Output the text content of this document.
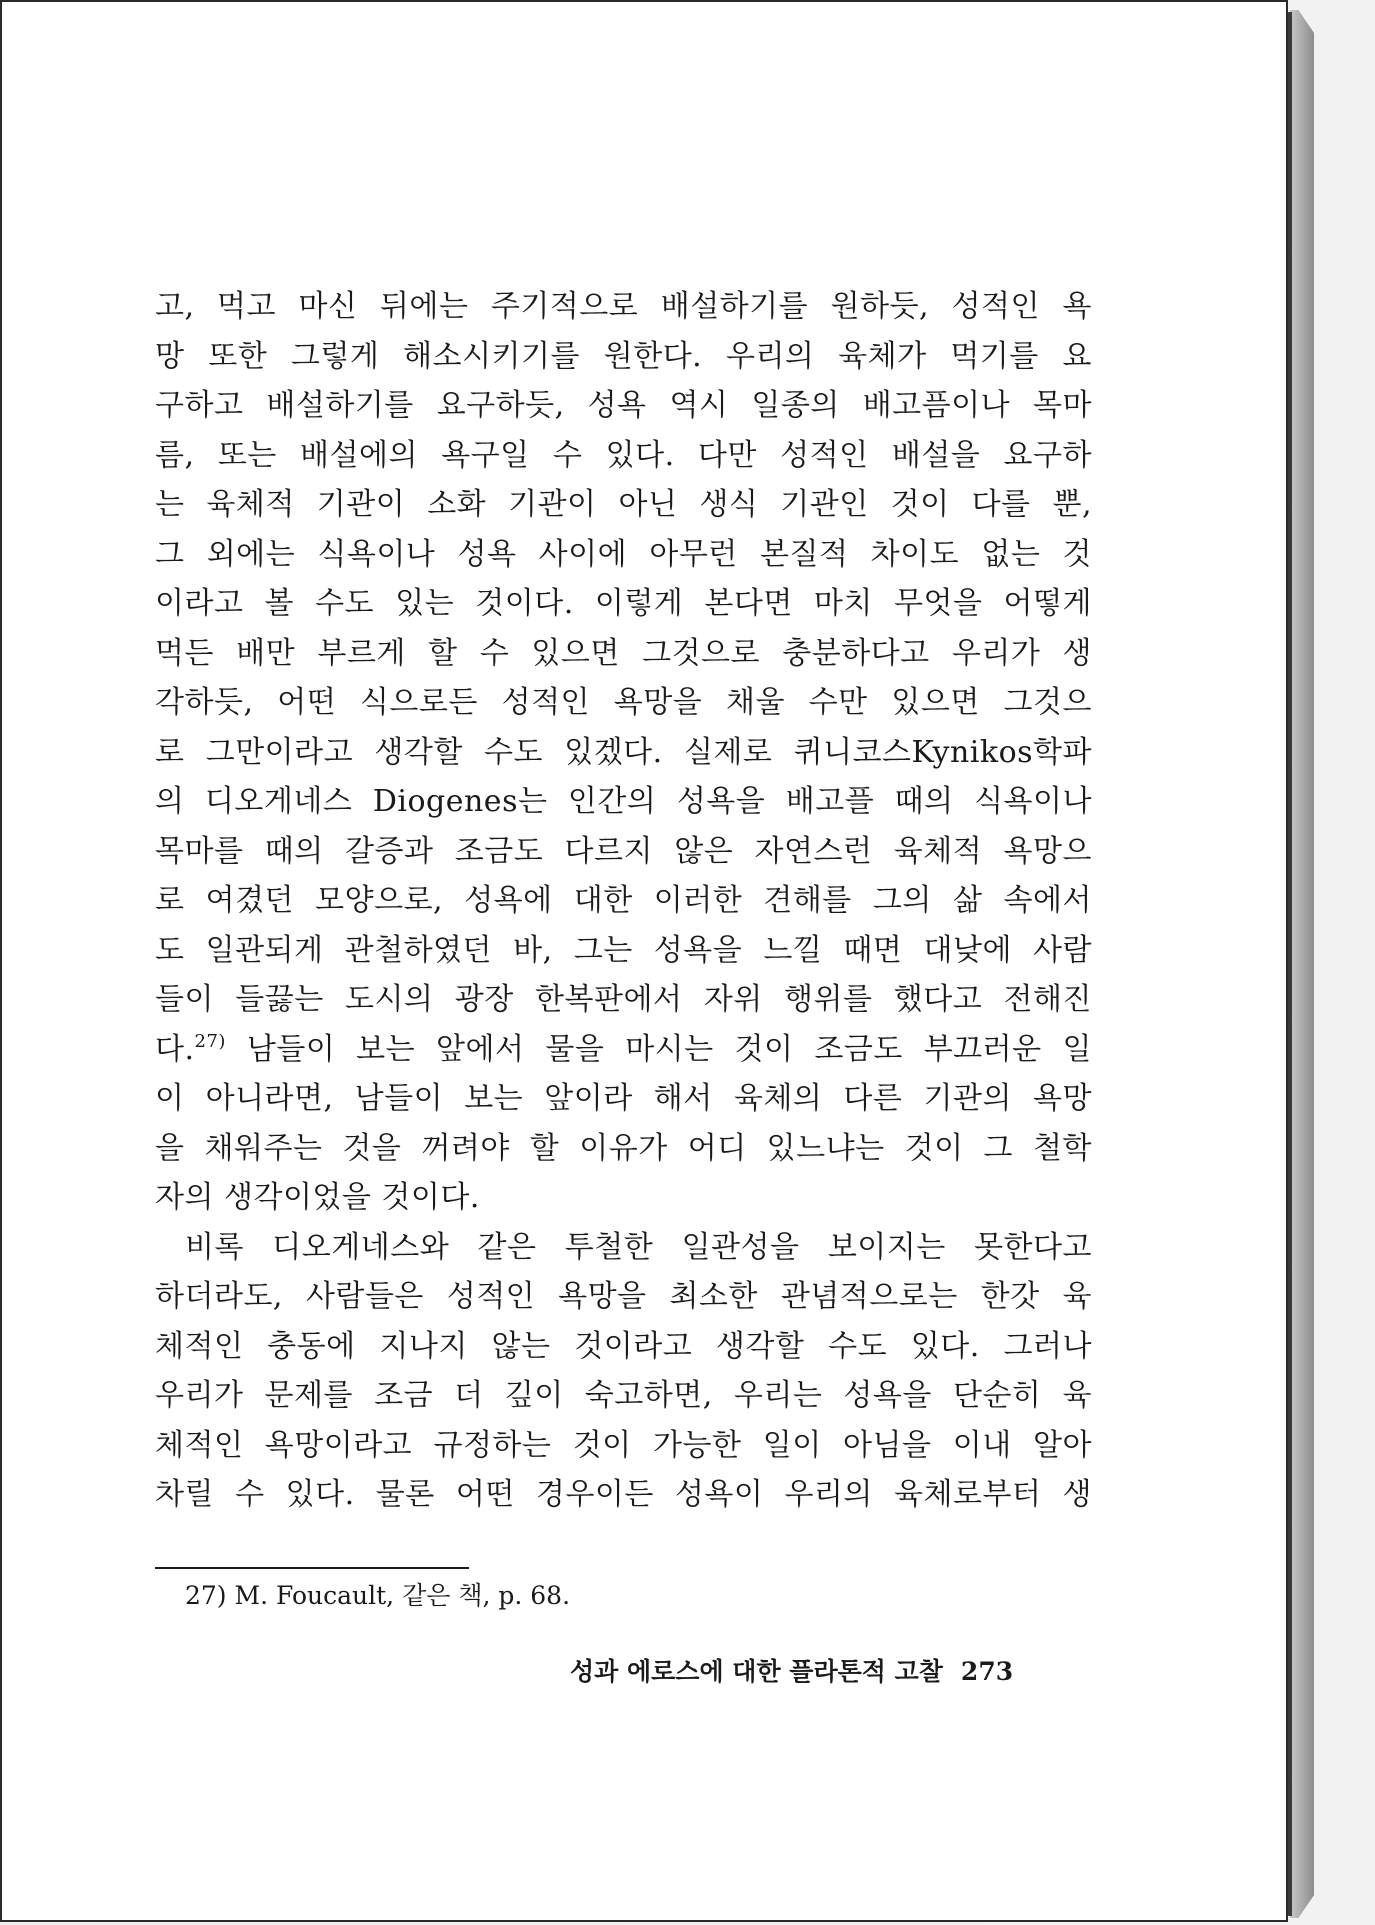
고, 먹고 마신 뒤에는 주기적으로 배설하기를 원하듯, 성적인 욕
망 또한 그렇게 해소시키기를 원한다. 우리의 육체가 먹기를 요
구하고 배설하기를 요구하듯, 성욕 역시 일종의 배고픔이나 목마
름, 또는 배설에의 욕구일 수 있다. 다만 성적인 배설을 요구하
는 육체적 기관이 소화 기관이 아닌 생식 기관인 것이 다를 뿐,
그 외에는 식욕이나 성욕 사이에 아무런 본질적 차이도 없는 것
이라고 볼 수도 있는 것이다. 이렇게 본다면 마치 무엇을 어떻게
먹든 배만 부르게 할 수 있으면 그것으로 충분하다고 우리가 생
각하듯, 어떤 식으로든 성적인 욕망을 채울 수만 있으면 그것으
로 그만이라고 생각할 수도 있겠다. 실제로 퀴니코스Kynikos학파
의 디오게네스 Diogenes는 인간의 성욕을 배고플 때의 식욕이나
목마를 때의 갈증과 조금도 다르지 않은 자연스런 육체적 욕망으
로 여겼던 모양으로, 성욕에 대한 이러한 견해를 그의 삶 속에서
도 일관되게 관철하였던 바, 그는 성욕을 느낄 때면 대낮에 사람
들이 들끓는 도시의 광장 한복판에서 자위 행위를 했다고 전해진
다.$^{27)}$ 남들이 보는 앞에서 물을 마시는 것이 조금도 부끄러운 일
이 아니라면, 남들이 보는 앞이라 해서 육체의 다른 기관의 욕망
을 채워주는 것을 꺼려야 할 이유가 어디 있느냐는 것이 그 철학
자의 생각이었을 것이다.
비록 디오게네스와 같은 투철한 일관성을 보이지는 못한다고
하더라도, 사람들은 성적인 욕망을 최소한 관념적으로는 한갓 육
체적인 충동에 지나지 않는 것이라고 생각할 수도 있다. 그러나
우리가 문제를 조금 더 깊이 숙고하면, 우리는 성욕을 단순히 육
체적인 욕망이라고 규정하는 것이 가능한 일이 아님을 이내 알아
차릴 수 있다. 물론 어떤 경우이든 성욕이 우리의 육체로부터 생
27) M. Foucault, 같은 책, p. 68.
성과 에로스에 대한 플라톤적 고찰 273
